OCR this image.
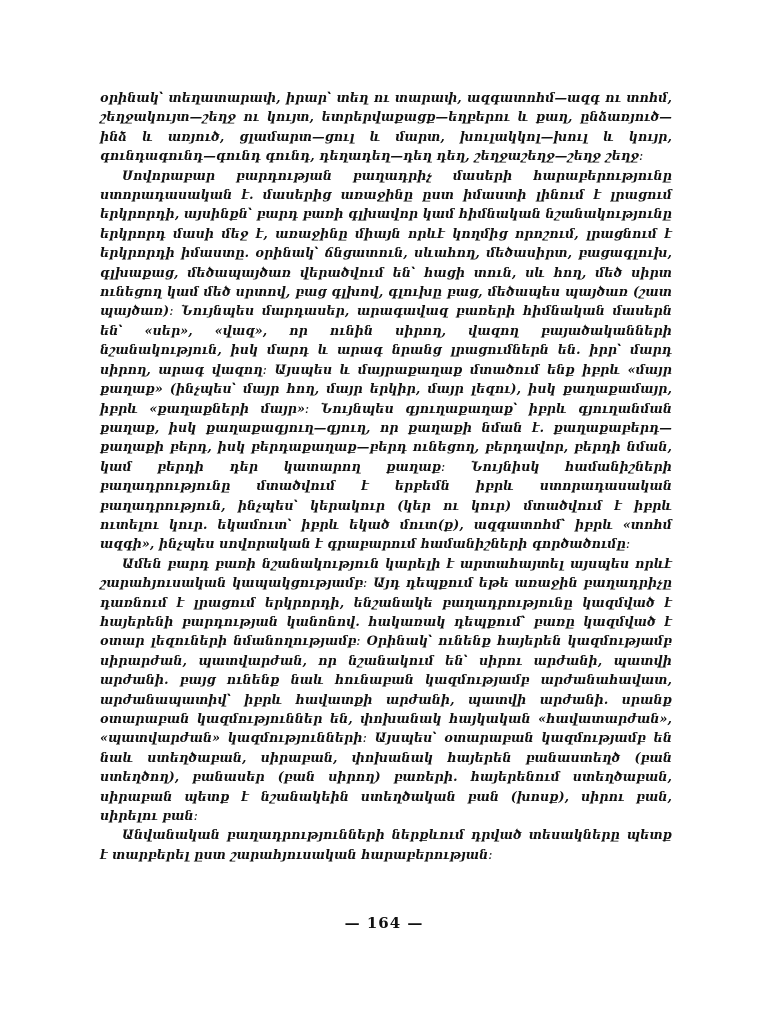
օրինակ՝ տեղատարափ, իրար՝ տեղ ու տարափ, ազգատոհմ—ազգ ու տոհմ, շեղջակույտ—շեղջ ու կույտ, ետրերվաքացք—եղբերու և քաղ, ընձառյուծ—ինձ և առյուծ, ցլամարտ—ցուլ և մարտ, խուլակկոլ—խուլ և կույր, գունդագունդ—գունդ գունդ, դեղադեղ—դեղ դեղ, շեղջաշեղջ—շեղջ շեղջ։

Սովորաբար բարդության բաղադրիչ մասերի հարաբերությունը ստորադասական է. մասերից առաջինը ըստ իմաստի լինում է լրացում երկրորդի, այսինքն՝ բարդ բառի գլխավոր կամ հիմնական նշանակությունը երկրորդ մասի մեջ է, առաջինը միայն որևէ կողմից որոշում, լրացնում է երկրորդի իմաստը. օրինակ՝ ճնցատուն, սևահող, մեծասիրտ, բացագլուխ, գլխաքաց, մեծապայծառ վերածվում են՝ հացի տուն, սև հող, մեծ սիրտ ունեցող կամ մեծ սրտով, բաց գլխով, գլուխը բաց, մեծապես պայծառ (շատ պայծառ)։ Նույնպես մարդասեր, արագավազ բառերի հիմնական մասերն են՝ «սեր», «վազ», որ ունին սիրող, վազող բայածականների նշանակություն, իսկ մարդ և արագ նրանց լրացումներն են. իրր՝ մարդ սիրող, արագ վազող։ Այսպես և մայրաքաղաք մտածում ենք իբրև «մայր քաղաք» (ինչպես՝ մայր հող, մայր երկիր, մայր լեզու), իսկ քաղաքամայր, իբրև «քաղաքների մայր»։ Նույնպես գյուղաքաղաք՝ իբրև գյուղանման քաղաք, իսկ քաղաքագյուղ—գյուղ, որ քաղաքի նման է. քաղաքաբերդ—քաղաքի բերդ, իսկ բերդաքաղաք—բերդ ունեցող, բերդավոր, բերդի նման, կամ բերդի դեր կատարող քաղաք։ Նույնիսկ համանիշների բաղադրությունը մտածվում է երբեմն իբրև ստորադասական բաղադրություն, ինչպես՝ կերակուր (կեր ու կուր) մտածվում է իբրև ուտելու կուր. եկամուտ՝ իբրև եկած մուտ(ք), ազգատոհմ՝ իբրև «տոհմ ազգի», ինչպես սովորական է գրաբարում համանիշների գործածումը։

Ամեն բարդ բառի նշանակություն կարելի է արտահայտել այսպես որևէ շարահյուսական կապակցությամբ։ Այդ դեպքում եթե առաջին բաղադրիչը դառնում է լրացում երկրորդի, ենշանակե բաղադրությունը կազմված է հայերենի բարդության կանոնով. հակառակ դեպքում՝ բառը կազմված է օտար լեզուների նմանողությամբ։ Օրինակ՝ ունենք հայերեն կազմությամբ սիրարժան, պատվարժան, որ նշանակում են՝ սիրու արժանի, պատվի արժանի. բայց ունենք նաև հունաբան կազմությամբ արժանահավատ, արժանապատիվ՝ իբրև հավատքի արժանի, պատվի արժանի. սրանք օտարաբան կազմություններ են, փոխանակ հայկական «հավատարժան», «պատվարժան» կազմությունների։ Այսպես՝ օտարաբան կազմությամբ են նաև ստեղծաբան, սիրաբան, փոխանակ հայերեն բանաստեղծ (բան ստեղծող), բանասեր (բան սիրող) բառերի. հայերենում ստեղծաբան, սիրաբան պետք է նշանակեին ստեղծական բան (խոսք), սիրու բան, սիրելու բան։

Անվանական բաղադրությունների ներքևում դրված տեսակները պետք է տարբերել ըստ շարահյուսական հարաբերության։

— 164 —
